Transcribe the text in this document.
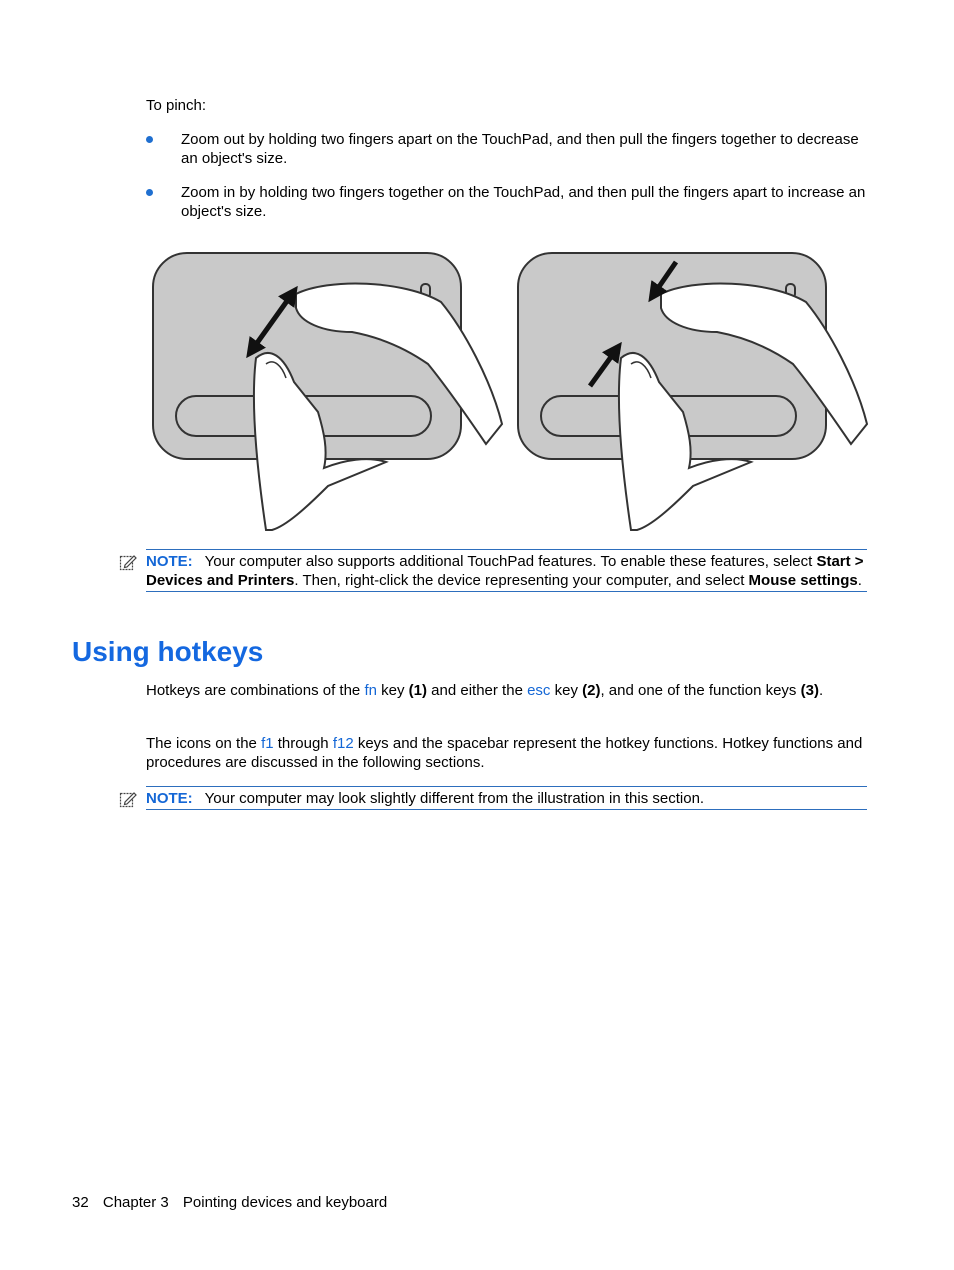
To pinch:
Zoom out by holding two fingers apart on the TouchPad, and then pull the fingers together to decrease an object's size.
Zoom in by holding two fingers together on the TouchPad, and then pull the fingers apart to increase an object's size.
NOTE: Your computer also supports additional TouchPad features. To enable these features, select Start > Devices and Printers. Then, right-click the device representing your computer, and select Mouse settings.
Using hotkeys
Hotkeys are combinations of the fn key (1) and either the esc key (2), and one of the function keys (3).
The icons on the f1 through f12 keys and the spacebar represent the hotkey functions. Hotkey functions and procedures are discussed in the following sections.
NOTE: Your computer may look slightly different from the illustration in this section.
32 Chapter 3 Pointing devices and keyboard
